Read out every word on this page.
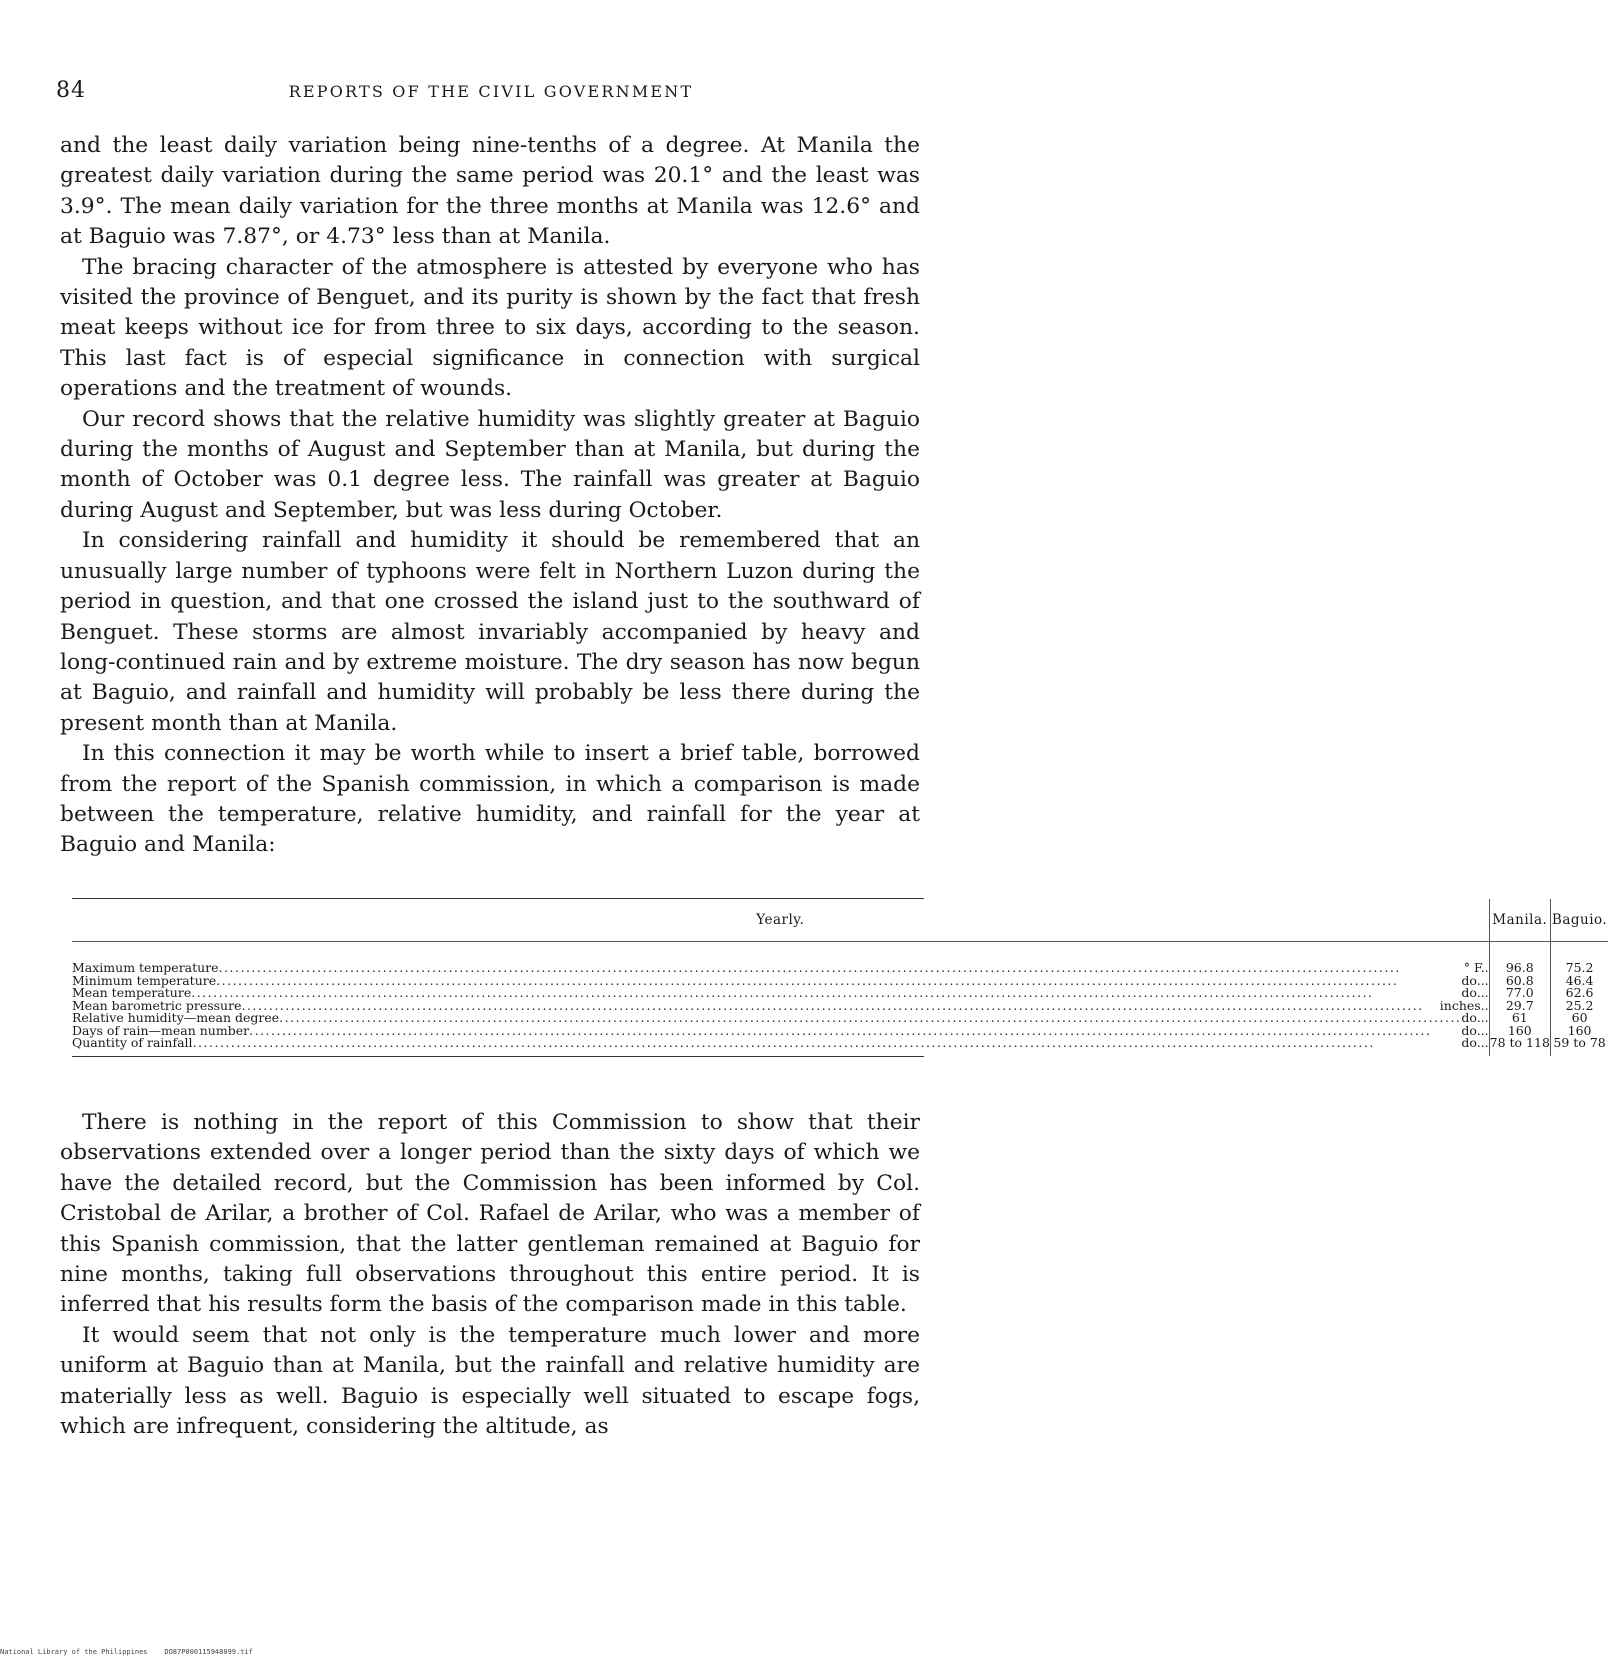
84	REPORTS OF THE CIVIL GOVERNMENT

and the least daily variation being nine-tenths of a degree. At Manila the greatest daily variation during the same period was 20.1° and the least was 3.9°. The mean daily variation for the three months at Manila was 12.6° and at Baguio was 7.87°, or 4.73° less than at Manila.

The bracing character of the atmosphere is attested by everyone who has visited the province of Benguet, and its purity is shown by the fact that fresh meat keeps without ice for from three to six days, according to the season. This last fact is of especial significance in connection with surgical operations and the treatment of wounds.

Our record shows that the relative humidity was slightly greater at Baguio during the months of August and September than at Manila, but during the month of October was 0.1 degree less. The rainfall was greater at Baguio during August and September, but was less during October.

In considering rainfall and humidity it should be remembered that an unusually large number of typhoons were felt in Northern Luzon during the period in question, and that one crossed the island just to the southward of Benguet. These storms are almost invariably accompanied by heavy and long-continued rain and by extreme moisture. The dry season has now begun at Baguio, and rainfall and humidity will probably be less there during the present month than at Manila.

In this connection it may be worth while to insert a brief table, borrowed from the report of the Spanish commission, in which a comparison is made between the temperature, relative humidity, and rainfall for the year at Baguio and Manila:

Yearly.	Manila.	Baguio.

Maximum temperature ..... ° F..	96.8	75.2

Minimum temperature ..... do...	60.8	46.4

Mean temperature ..... do...	77.0	62.6

Mean barometric pressure ..... inches..	29.7	25.2

Relative humidity—mean degree ..... do...	61	60

Days of rain—mean number ..... do...	160	160

Quantity of rainfall ..... do...	78 to 118	59 to 78

There is nothing in the report of this Commission to show that their observations extended over a longer period than the sixty days of which we have the detailed record, but the Commission has been informed by Col. Cristobal de Arilar, a brother of Col. Rafael de Arilar, who was a member of this Spanish commission, that the latter gentleman remained at Baguio for nine months, taking full observations throughout this entire period. It is inferred that his results form the basis of the comparison made in this table.

It would seem that not only is the temperature much lower and more uniform at Baguio than at Manila, but the rainfall and relative humidity are materially less as well. Baguio is especially well situated to escape fogs, which are infrequent, considering the altitude, as

National Library of the Philippines    DO87P000115948099.tif
